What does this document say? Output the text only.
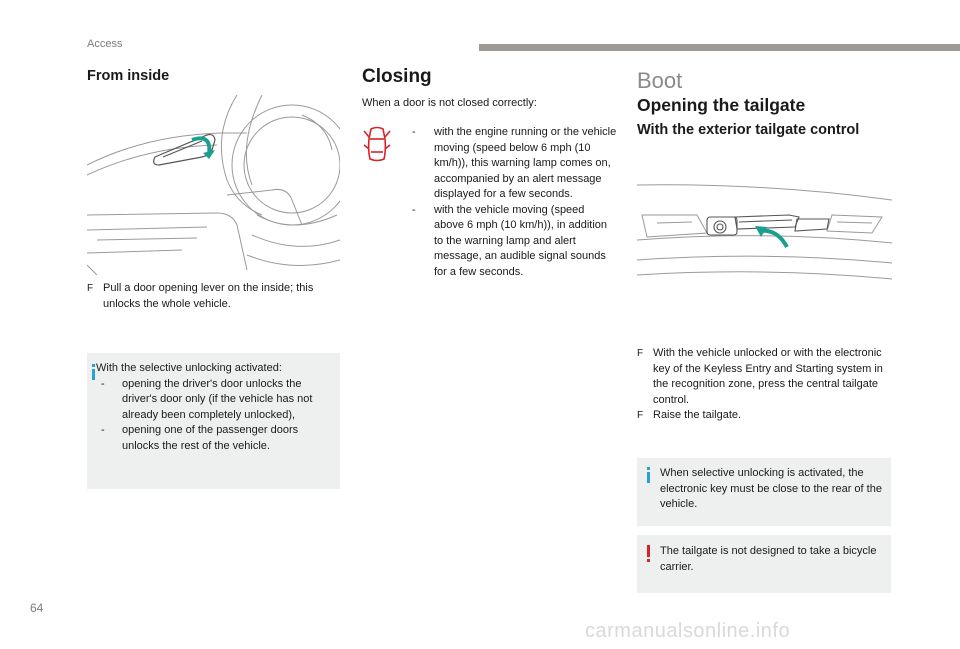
Access
From inside
F Pull a door opening lever on the inside; this unlocks the whole vehicle.
With the selective unlocking activated:
-	opening the driver's door unlocks the driver's door only (if the vehicle has not already been completely unlocked),
-	opening one of the passenger doors unlocks the rest of the vehicle.
Closing
When a door is not closed correctly:
-	with the engine running or the vehicle moving (speed below 6 mph (10 km/h)), this warning lamp comes on, accompanied by an alert message displayed for a few seconds.
-	with the vehicle moving (speed above 6 mph (10 km/h)), in addition to the warning lamp and alert message, an audible signal sounds for a few seconds.
Boot
Opening the tailgate
With the exterior tailgate control
F With the vehicle unlocked or with the electronic key of the Keyless Entry and Starting system in the recognition zone, press the central tailgate control.
F Raise the tailgate.
When selective unlocking is activated, the electronic key must be close to the rear of the vehicle.
The tailgate is not designed to take a bicycle carrier.
64
carmanualsonline.info
